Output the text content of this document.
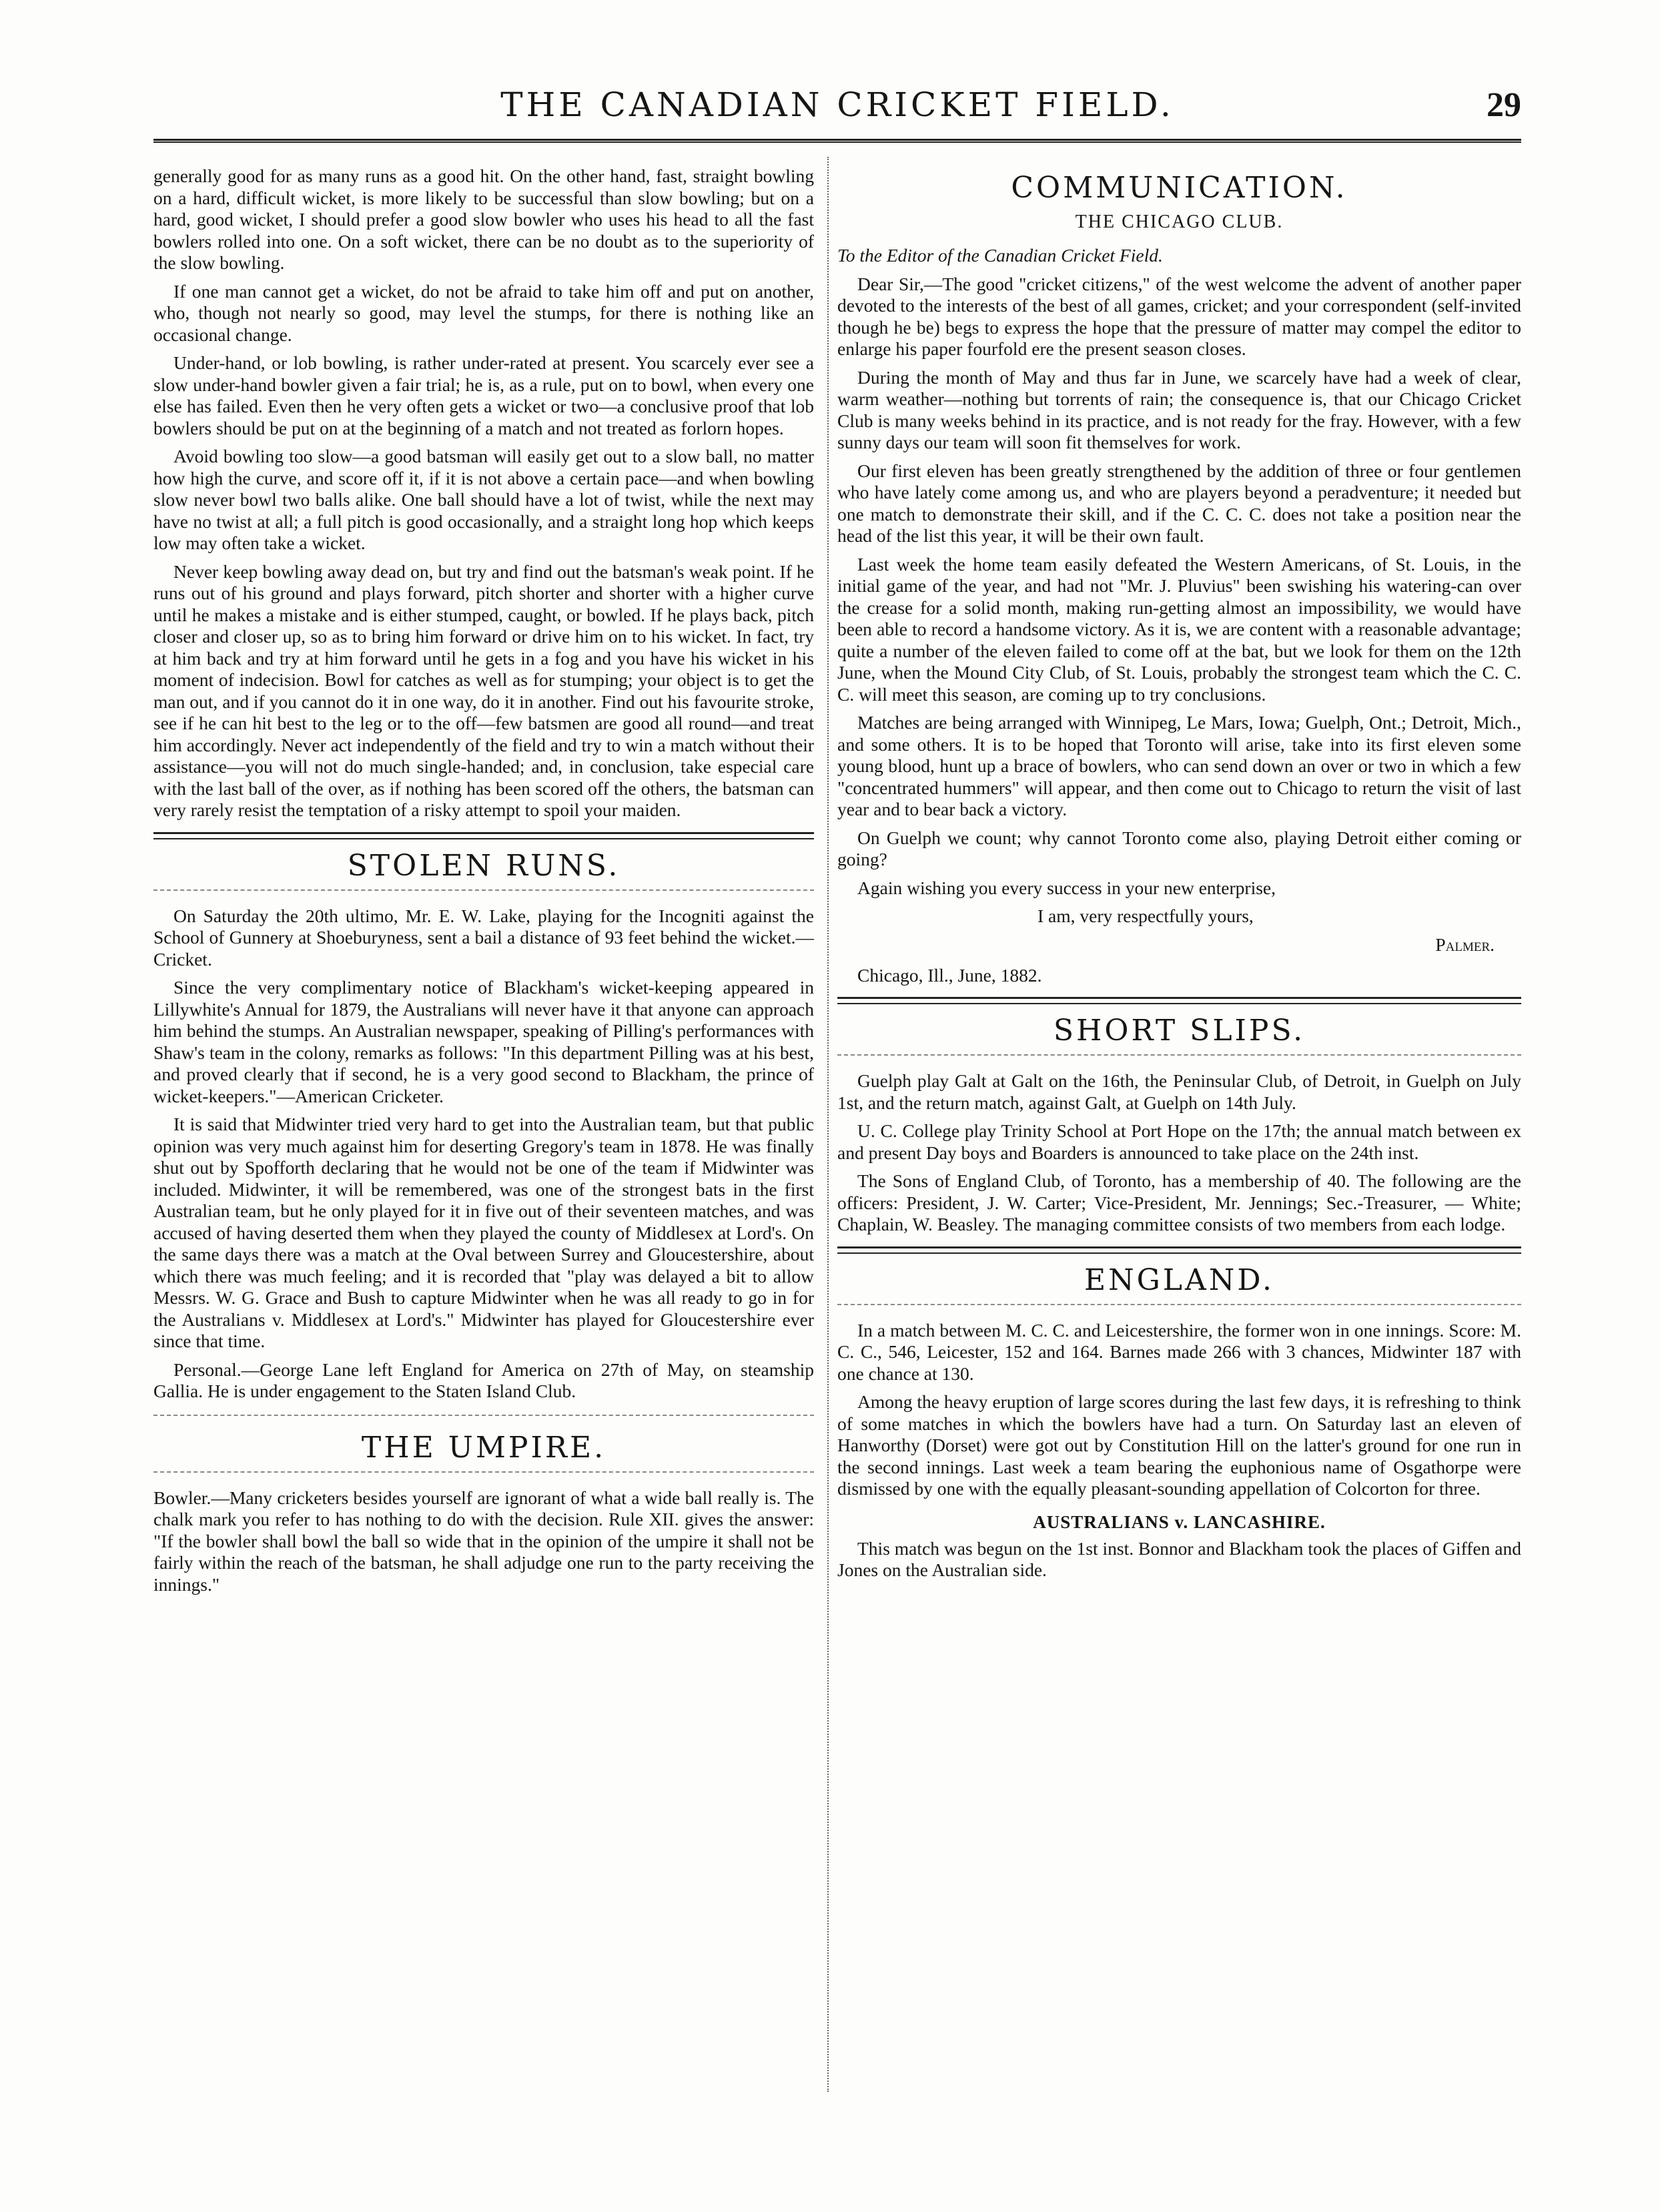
THE CANADIAN CRICKET FIELD.	29

generally good for as many runs as a good hit. On the other hand, fast, straight bowling on a hard, difficult wicket, is more likely to be successful than slow bowling; but on a hard, good wicket, I should prefer a good slow bowler who uses his head to all the fast bowlers rolled into one. On a soft wicket, there can be no doubt as to the superiority of the slow bowling.

If one man cannot get a wicket, do not be afraid to take him off and put on another, who, though not nearly so good, may level the stumps, for there is nothing like an occasional change.

Under-hand, or lob bowling, is rather under-rated at present. You scarcely ever see a slow under-hand bowler given a fair trial; he is, as a rule, put on to bowl, when every one else has failed. Even then he very often gets a wicket or two—a conclusive proof that lob bowlers should be put on at the beginning of a match and not treated as forlorn hopes.

Avoid bowling too slow—a good batsman will easily get out to a slow ball, no matter how high the curve, and score off it, if it is not above a certain pace—and when bowling slow never bowl two balls alike. One ball should have a lot of twist, while the next may have no twist at all; a full pitch is good occasionally, and a straight long hop which keeps low may often take a wicket.

Never keep bowling away dead on, but try and find out the batsman's weak point. If he runs out of his ground and plays forward, pitch shorter and shorter with a higher curve until he makes a mistake and is either stumped, caught, or bowled. If he plays back, pitch closer and closer up, so as to bring him forward or drive him on to his wicket. In fact, try at him back and try at him forward until he gets in a fog and you have his wicket in his moment of indecision. Bowl for catches as well as for stumping; your object is to get the man out, and if you cannot do it in one way, do it in another. Find out his favourite stroke, see if he can hit best to the leg or to the off—few batsmen are good all round—and treat him accordingly. Never act independently of the field and try to win a match without their assistance—you will not do much single-handed; and, in conclusion, take especial care with the last ball of the over, as if nothing has been scored off the others, the batsman can very rarely resist the temptation of a risky attempt to spoil your maiden.

STOLEN RUNS.

On Saturday the 20th ultimo, Mr. E. W. Lake, playing for the Incogniti against the School of Gunnery at Shoeburyness, sent a bail a distance of 93 feet behind the wicket.—Cricket.

Since the very complimentary notice of Blackham's wicket-keeping appeared in Lillywhite's Annual for 1879, the Australians will never have it that anyone can approach him behind the stumps. An Australian newspaper, speaking of Pilling's performances with Shaw's team in the colony, remarks as follows: "In this department Pilling was at his best, and proved clearly that if second, he is a very good second to Blackham, the prince of wicket-keepers."—American Cricketer.

It is said that Midwinter tried very hard to get into the Australian team, but that public opinion was very much against him for deserting Gregory's team in 1878. He was finally shut out by Spofforth declaring that he would not be one of the team if Midwinter was included. Midwinter, it will be remembered, was one of the strongest bats in the first Australian team, but he only played for it in five out of their seventeen matches, and was accused of having deserted them when they played the county of Middlesex at Lord's. On the same days there was a match at the Oval between Surrey and Gloucestershire, about which there was much feeling; and it is recorded that "play was delayed a bit to allow Messrs. W. G. Grace and Bush to capture Midwinter when he was all ready to go in for the Australians v. Middlesex at Lord's." Midwinter has played for Gloucestershire ever since that time.

Personal.—George Lane left England for America on 27th of May, on steamship Gallia. He is under engagement to the Staten Island Club.

THE UMPIRE.

Bowler.—Many cricketers besides yourself are ignorant of what a wide ball really is. The chalk mark you refer to has nothing to do with the decision. Rule XII. gives the answer: "If the bowler shall bowl the ball so wide that in the opinion of the umpire it shall not be fairly within the reach of the batsman, he shall adjudge one run to the party receiving the innings."

COMMUNICATION.
THE CHICAGO CLUB.

To the Editor of the Canadian Cricket Field.

Dear Sir,—The good "cricket citizens," of the west welcome the advent of another paper devoted to the interests of the best of all games, cricket; and your correspondent (self-invited though he be) begs to express the hope that the pressure of matter may compel the editor to enlarge his paper fourfold ere the present season closes.

During the month of May and thus far in June, we scarcely have had a week of clear, warm weather—nothing but torrents of rain; the consequence is, that our Chicago Cricket Club is many weeks behind in its practice, and is not ready for the fray. However, with a few sunny days our team will soon fit themselves for work.

Our first eleven has been greatly strengthened by the addition of three or four gentlemen who have lately come among us, and who are players beyond a peradventure; it needed but one match to demonstrate their skill, and if the C. C. C. does not take a position near the head of the list this year, it will be their own fault.

Last week the home team easily defeated the Western Americans, of St. Louis, in the initial game of the year, and had not "Mr. J. Pluvius" been swishing his watering-can over the crease for a solid month, making run-getting almost an impossibility, we would have been able to record a handsome victory. As it is, we are content with a reasonable advantage; quite a number of the eleven failed to come off at the bat, but we look for them on the 12th June, when the Mound City Club, of St. Louis, probably the strongest team which the C. C. C. will meet this season, are coming up to try conclusions.

Matches are being arranged with Winnipeg, Le Mars, Iowa; Guelph, Ont.; Detroit, Mich., and some others. It is to be hoped that Toronto will arise, take into its first eleven some young blood, hunt up a brace of bowlers, who can send down an over or two in which a few "concentrated hummers" will appear, and then come out to Chicago to return the visit of last year and to bear back a victory.

On Guelph we count; why cannot Toronto come also, playing Detroit either coming or going?

Again wishing you every success in your new enterprise,

I am, very respectfully yours,

Palmer.

Chicago, Ill., June, 1882.

SHORT SLIPS.

Guelph play Galt at Galt on the 16th, the Peninsular Club, of Detroit, in Guelph on July 1st, and the return match, against Galt, at Guelph on 14th July.

U. C. College play Trinity School at Port Hope on the 17th; the annual match between ex and present Day boys and Boarders is announced to take place on the 24th inst.

The Sons of England Club, of Toronto, has a membership of 40. The following are the officers: President, J. W. Carter; Vice-President, Mr. Jennings; Sec.-Treasurer, — White; Chaplain, W. Beasley. The managing committee consists of two members from each lodge.

ENGLAND.

In a match between M. C. C. and Leicestershire, the former won in one innings. Score: M. C. C., 546, Leicester, 152 and 164. Barnes made 266 with 3 chances, Midwinter 187 with one chance at 130.

Among the heavy eruption of large scores during the last few days, it is refreshing to think of some matches in which the bowlers have had a turn. On Saturday last an eleven of Hanworthy (Dorset) were got out by Constitution Hill on the latter's ground for one run in the second innings. Last week a team bearing the euphonious name of Osgathorpe were dismissed by one with the equally pleasant-sounding appellation of Colcorton for three.

AUSTRALIANS v. LANCASHIRE.

This match was begun on the 1st inst. Bonnor and Blackham took the places of Giffen and Jones on the Australian side.
